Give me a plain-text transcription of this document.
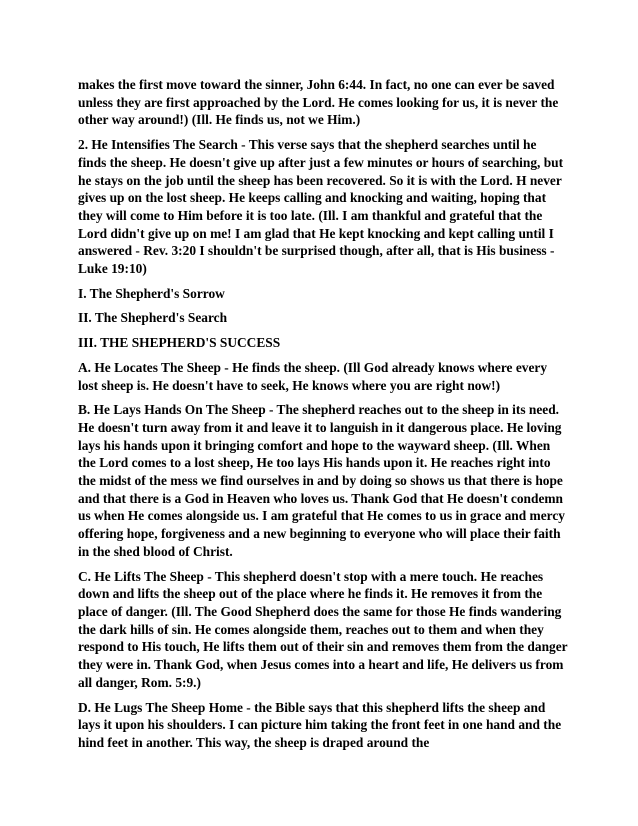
makes the first move toward the sinner, John 6:44. In fact, no one can ever be saved unless they are first approached by the Lord. He comes looking for us, it is never the other way around!) (Ill. He finds us, not we Him.)

2. He Intensifies The Search - This verse says that the shepherd searches until he finds the sheep. He doesn't give up after just a few minutes or hours of searching, but he stays on the job until the sheep has been recovered. So it is with the Lord. H never gives up on the lost sheep. He keeps calling and knocking and waiting, hoping that they will come to Him before it is too late. (Ill. I am thankful and grateful that the Lord didn't give up on me! I am glad that He kept knocking and kept calling until I answered - Rev. 3:20 I shouldn't be surprised though, after all, that is His business - Luke 19:10)

I. The Shepherd's Sorrow

II. The Shepherd's Search

III. THE SHEPHERD'S SUCCESS

A. He Locates The Sheep - He finds the sheep. (Ill God already knows where every lost sheep is. He doesn't have to seek, He knows where you are right now!)

B. He Lays Hands On The Sheep - The shepherd reaches out to the sheep in its need. He doesn't turn away from it and leave it to languish in it dangerous place. He loving lays his hands upon it bringing comfort and hope to the wayward sheep. (Ill. When the Lord comes to a lost sheep, He too lays His hands upon it. He reaches right into the midst of the mess we find ourselves in and by doing so shows us that there is hope and that there is a God in Heaven who loves us. Thank God that He doesn't condemn us when He comes alongside us. I am grateful that He comes to us in grace and mercy offering hope, forgiveness and a new beginning to everyone who will place their faith in the shed blood of Christ.

C. He Lifts The Sheep - This shepherd doesn't stop with a mere touch. He reaches down and lifts the sheep out of the place where he finds it. He removes it from the place of danger. (Ill. The Good Shepherd does the same for those He finds wandering the dark hills of sin. He comes alongside them, reaches out to them and when they respond to His touch, He lifts them out of their sin and removes them from the danger they were in. Thank God, when Jesus comes into a heart and life, He delivers us from all danger, Rom. 5:9.)

D. He Lugs The Sheep Home - the Bible says that this shepherd lifts the sheep and lays it upon his shoulders. I can picture him taking the front feet in one hand and the hind feet in another. This way, the sheep is draped around the
